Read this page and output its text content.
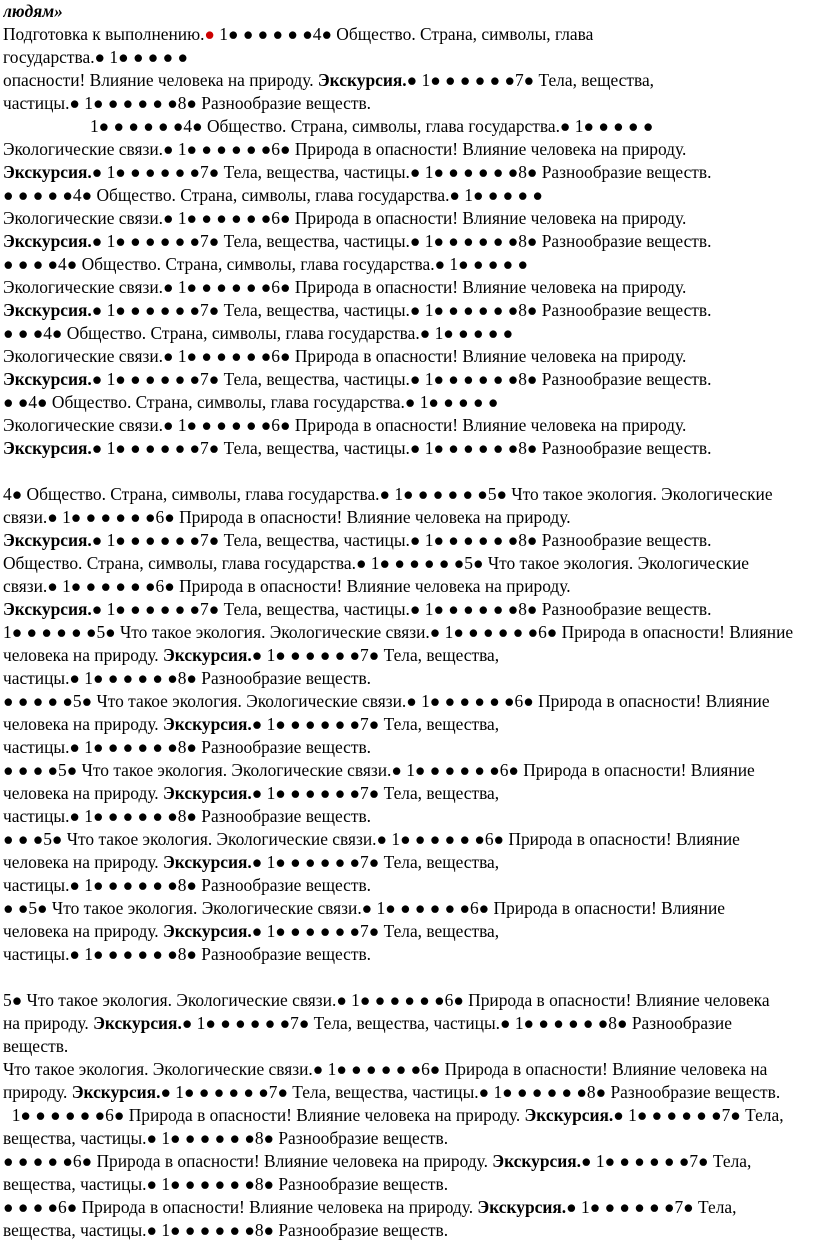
людям»
Подготовка к выполнению.● 1● ● ● ● ● ●4● Общество. Страна, символы, глава
государства.● 1● ● ● ● ●
опасности! Влияние человека на природу. Экскурсия.● 1● ● ● ● ● ●7● Тела, вещества,
частицы.● 1● ● ● ● ● ●8● Разнообразие веществ.
1● ● ● ● ● ●4● Общество. Страна, символы, глава государства.● 1● ● ● ● ●
Экологические связи.● 1● ● ● ● ● ●6● Природа в опасности! Влияние человека на природу.
Экскурсия.● 1● ● ● ● ● ●7● Тела, вещества, частицы.● 1● ● ● ● ● ●8● Разнообразие веществ.
● ● ● ● ●4● Общество. Страна, символы, глава государства.● 1● ● ● ● ●
Экологические связи.● 1● ● ● ● ● ●6● Природа в опасности! Влияние человека на природу.
Экскурсия.● 1● ● ● ● ● ●7● Тела, вещества, частицы.● 1● ● ● ● ● ●8● Разнообразие веществ.
● ● ● ●4● Общество. Страна, символы, глава государства.● 1● ● ● ● ●
Экологические связи.● 1● ● ● ● ● ●6● Природа в опасности! Влияние человека на природу.
Экскурсия.● 1● ● ● ● ● ●7● Тела, вещества, частицы.● 1● ● ● ● ● ●8● Разнообразие веществ.
● ● ●4● Общество. Страна, символы, глава государства.● 1● ● ● ● ●
Экологические связи.● 1● ● ● ● ● ●6● Природа в опасности! Влияние человека на природу.
Экскурсия.● 1● ● ● ● ● ●7● Тела, вещества, частицы.● 1● ● ● ● ● ●8● Разнообразие веществ.
● ●4● Общество. Страна, символы, глава государства.● 1● ● ● ● ●
Экологические связи.● 1● ● ● ● ● ●6● Природа в опасности! Влияние человека на природу.
Экскурсия.● 1● ● ● ● ● ●7● Тела, вещества, частицы.● 1● ● ● ● ● ●8● Разнообразие веществ.
4● Общество. Страна, символы, глава государства.● 1● ● ● ● ● ●5● Что такое экология. Экологические
связи.● 1● ● ● ● ● ●6● Природа в опасности! Влияние человека на природу.
Экскурсия.● 1● ● ● ● ● ●7● Тела, вещества, частицы.● 1● ● ● ● ● ●8● Разнообразие веществ.
Общество. Страна, символы, глава государства.● 1● ● ● ● ● ●5● Что такое экология. Экологические
связи.● 1● ● ● ● ● ●6● Природа в опасности! Влияние человека на природу.
Экскурсия.● 1● ● ● ● ● ●7● Тела, вещества, частицы.● 1● ● ● ● ● ●8● Разнообразие веществ.
1● ● ● ● ● ●5● Что такое экология. Экологические связи.● 1● ● ● ● ● ●6● Природа в опасности! Влияние
человека на природу. Экскурсия.● 1● ● ● ● ● ●7● Тела, вещества,
частицы.● 1● ● ● ● ● ●8● Разнообразие веществ.
● ● ● ● ●5● Что такое экология. Экологические связи.● 1● ● ● ● ● ●6● Природа в опасности! Влияние
человека на природу. Экскурсия.● 1● ● ● ● ● ●7● Тела, вещества,
частицы.● 1● ● ● ● ● ●8● Разнообразие веществ.
● ● ● ●5● Что такое экология. Экологические связи.● 1● ● ● ● ● ●6● Природа в опасности! Влияние
человека на природу. Экскурсия.● 1● ● ● ● ● ●7● Тела, вещества,
частицы.● 1● ● ● ● ● ●8● Разнообразие веществ.
● ● ●5● Что такое экология. Экологические связи.● 1● ● ● ● ● ●6● Природа в опасности! Влияние
человека на природу. Экскурсия.● 1● ● ● ● ● ●7● Тела, вещества,
частицы.● 1● ● ● ● ● ●8● Разнообразие веществ.
● ●5● Что такое экология. Экологические связи.● 1● ● ● ● ● ●6● Природа в опасности! Влияние
человека на природу. Экскурсия.● 1● ● ● ● ● ●7● Тела, вещества,
частицы.● 1● ● ● ● ● ●8● Разнообразие веществ.
5● Что такое экология. Экологические связи.● 1● ● ● ● ● ●6● Природа в опасности! Влияние человека
на природу. Экскурсия.● 1● ● ● ● ● ●7● Тела, вещества, частицы.● 1● ● ● ● ● ●8● Разнообразие
веществ.
Что такое экология. Экологические связи.● 1● ● ● ● ● ●6● Природа в опасности! Влияние человека на
природу. Экскурсия.● 1● ● ● ● ● ●7● Тела, вещества, частицы.● 1● ● ● ● ● ●8● Разнообразие веществ.
1● ● ● ● ● ●6● Природа в опасности! Влияние человека на природу. Экскурсия.● 1● ● ● ● ● ●7● Тела,
вещества, частицы.● 1● ● ● ● ● ●8● Разнообразие веществ.
● ● ● ● ●6● Природа в опасности! Влияние человека на природу. Экскурсия.● 1● ● ● ● ● ●7● Тела,
вещества, частицы.● 1● ● ● ● ● ●8● Разнообразие веществ.
● ● ● ●6● Природа в опасности! Влияние человека на природу. Экскурсия.● 1● ● ● ● ● ●7● Тела,
вещества, частицы.● 1● ● ● ● ● ●8● Разнообразие веществ.
